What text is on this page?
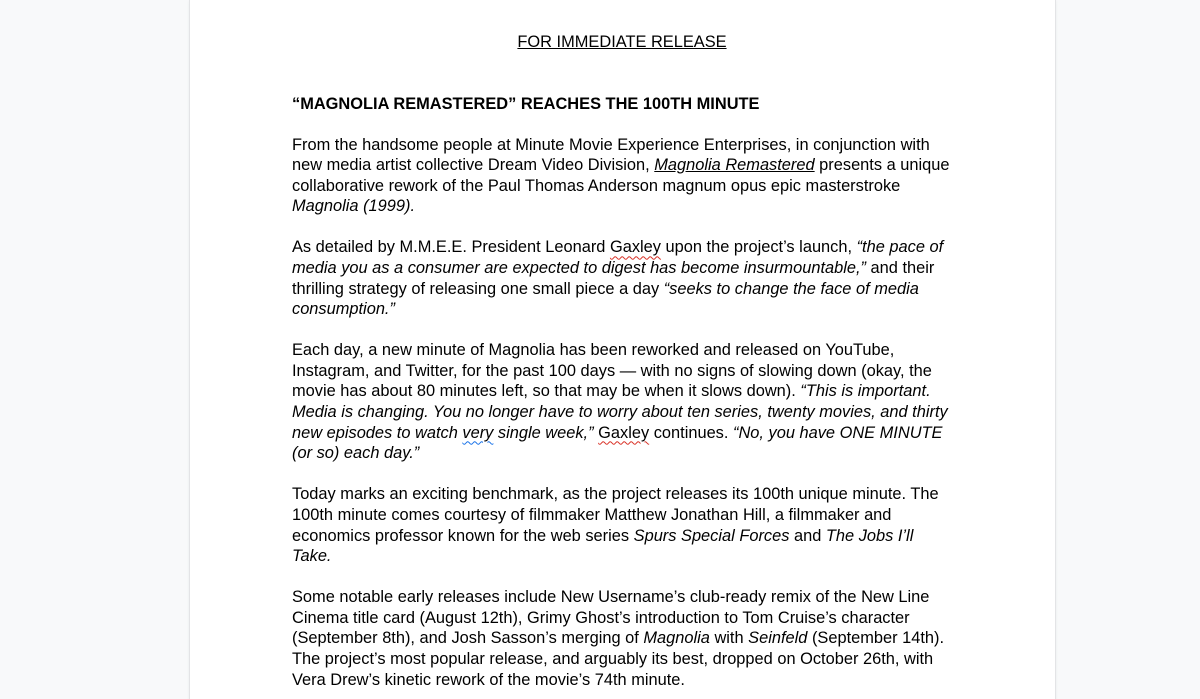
FOR IMMEDIATE RELEASE

“MAGNOLIA REMASTERED” REACHES THE 100TH MINUTE

From the handsome people at Minute Movie Experience Enterprises, in conjunction with new media artist collective Dream Video Division, Magnolia Remastered presents a unique collaborative rework of the Paul Thomas Anderson magnum opus epic masterstroke Magnolia (1999).

As detailed by M.M.E.E. President Leonard Gaxley upon the project’s launch, “the pace of media you as a consumer are expected to digest has become insurmountable,” and their thrilling strategy of releasing one small piece a day “seeks to change the face of media consumption.”

Each day, a new minute of Magnolia has been reworked and released on YouTube, Instagram, and Twitter, for the past 100 days — with no signs of slowing down (okay, the movie has about 80 minutes left, so that may be when it slows down). “This is important. Media is changing. You no longer have to worry about ten series, twenty movies, and thirty new episodes to watch very single week,” Gaxley continues. “No, you have ONE MINUTE (or so) each day.”

Today marks an exciting benchmark, as the project releases its 100th unique minute. The 100th minute comes courtesy of filmmaker Matthew Jonathan Hill, a filmmaker and economics professor known for the web series Spurs Special Forces and The Jobs I’ll Take.

Some notable early releases include New Username’s club-ready remix of the New Line Cinema title card (August 12th), Grimy Ghost’s introduction to Tom Cruise’s character (September 8th), and Josh Sasson’s merging of Magnolia with Seinfeld (September 14th). The project’s most popular release, and arguably its best, dropped on October 26th, with Vera Drew’s kinetic rework of the movie’s 74th minute.
